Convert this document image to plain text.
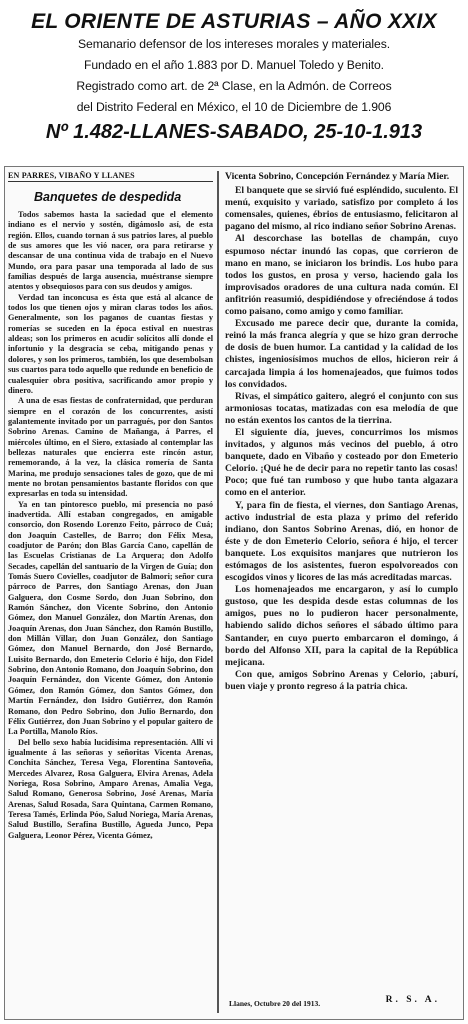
EL ORIENTE DE ASTURIAS – AÑO XXIX
Semanario defensor de los intereses morales y materiales.
Fundado en el año 1.883 por D. Manuel Toledo y Benito.
Registrado como art. de 2ª Clase, en la Admón. de Correos
del Distrito Federal en México, el 10 de Diciembre de 1.906
Nº 1.482-LLANES-SABADO, 25-10-1.913
EN PARRES, VIBAÑO Y LLANES
Banquetes de despedida

Todos sabemos hasta la saciedad que el elemento indiano es el nervio y sostén, digámoslo así, de esta región. Ellos, cuando tornan á sus patrios lares, al pueblo de sus amores que les vió nacer, ora para retirarse y descansar de una continua vida de trabajo en el Nuevo Mundo, ora para pasar una temporada al lado de sus familias después de larga ausencia, muéstranse siempre atentos y obsequiosos para con sus deudos y amigos.

Verdad tan inconcusa es ésta que está al alcance de todos los que tienen ojos y miran claras todos los años. Generalmente, son los paganos de cuantas fiestas y romerías se suceden en la época estival en nuestras aldeas; son los primeros en acudir solícitos allí donde el infortunio y la desgracia se ceba, mitigando penas y dolores, y son los primeros, también, los que desembolsan sus cuartos para todo aquello que redunde en beneficio de cualesquier obra positiva, sacrificando amor propio y dinero.

A una de esas fiestas de confraternidad, que perduran siempre en el corazón de los concurrentes, asistí galantemente invitado por un parragués, por don Santos Sobrino Arenas. Camino de Mañanga, á Parres, el miércoles último, en el Siero, extasiado al contemplar las bellezas naturales que encierra este rincón astur, rememorando, á la vez, la clásica romería de Santa Marina, me produjo sensaciones tales de gozo, que de mi mente no brotan pensamientos bastante floridos con que expresarlas en toda su intensidad.

Ya en tan pintoresco pueblo, mi presencia no pasó inadvertida. Allí estaban congregados, en amigable consorcio, don Rosendo Lorenzo Feito, párroco de Cuá; don Joaquín Castelles, de Barro; don Félix Mesa, coadjutor de Parón; don Blas García Cano, capellán de las Escuelas Cristianas de La Arquera; don Adolfo Secades, capellán del santuario de la Virgen de Guía; don Tomás Suero Covielles, coadjutor de Balmori; señor cura párroco de Parres, don Santiago Arenas, don Juan Galguera, don Cosme Sordo, don Juan Sobrino, don Ramón Sánchez, don Vicente Sobrino, don Antonio Gómez, don Manuel González, don Martín Arenas, don Joaquín Arenas, don Juan Sánchez, don Ramón Bustillo, don Millán Villar, don Juan González, don Santiago Gómez, don Manuel Bernardo, don José Bernardo, Luisito Bernardo, don Emeterio Celorio é hijo, don Fidel Sobrino, don Antonio Romano, don Joaquín Sobrino, don Joaquín Fernández, don Vicente Gómez, don Antonio Gómez, don Ramón Gómez, don Santos Gómez, don Martín Fernández, don Isidro Gutiérrez, don Ramón Romano, don Pedro Sobrino, don Julio Bernardo, don Félix Gutiérrez, don Juan Sobrino y el popular gaitero de La Portilla, Manolo Ríos.

Del bello sexo había lucidísima representación. Allí vi igualmente á las señoras y señoritas Vicenta Arenas, Conchita Sánchez, Teresa Vega, Florentina Santoveña, Mercedes Alvarez, Rosa Galguera, Elvira Arenas, Adela Noriega, Rosa Sobrino, Amparo Arenas, Amalia Vega, Salud Romano, Generosa Sobrino, José Arenas, María Arenas, Salud Rosada, Sara Quintana, Carmen Romano, Teresa Tamés, Erlinda Póo, Salud Noriega, María Arenas, Salud Bustillo, Serafina Bustillo, Agueda Junco, Pepa Galguera, Leonor Pérez, Vicenta Gómez,

Vicenta Sobrino, Concepción Fernández y María Mier.

El banquete que se sirvió fué espléndido, suculento. El menú, exquisito y variado, satisfizo por completo á los comensales, quienes, ébrios de entusiasmo, felicitaron al pagano del mismo, al rico indiano señor Sobrino Arenas.

Al descorchase las botellas de champán, cuyo espumoso néctar inundó las copas, que corrieron de mano en mano, se iniciaron los brindis. Los hubo para todos los gustos, en prosa y verso, haciendo gala los improvisados oradores de una cultura nada común. El anfitrión reasumió, despidiéndose y ofreciéndose á todos como paisano, como amigo y como familiar.

Excusado me parece decir que, durante la comida, reinó la más franca alegría y que se hizo gran derroche de dosis de buen humor. La cantidad y la calidad de los chistes, ingeniosísimos muchos de ellos, hicieron reir á carcajada limpia á los homenajeados, que fuimos todos los convidados.

Rivas, el simpático gaitero, alegró el conjunto con sus armoniosas tocatas, matizadas con esa melodía de que no están exentos los cantos de la tierrina.

El siguiente día, jueves, concurrimos los mismos invitados, y algunos más vecinos del pueblo, á otro banquete, dado en Vibaño y costeado por don Emeterio Celorio. ¡Qué he de decir para no repetir tanto las cosas! Poco; que fué tan rumboso y que hubo tanta algazara como en el anterior.

Y, para fin de fiesta, el viernes, don Santiago Arenas, activo industrial de esta plaza y primo del referido indiano, don Santos Sobrino Arenas, dió, en honor de éste y de don Emeterio Celorio, señora é hijo, el tercer banquete. Los exquisitos manjares que nutrieron los estómagos de los asistentes, fueron espolvoreados con escogidos vinos y licores de las más acreditadas marcas.

Los homenajeados me encargaron, y así lo cumplo gustoso, que les despida desde estas columnas de los amigos, pues no lo pudieron hacer personalmente, habiendo salido dichos señores el sábado último para Santander, en cuyo puerto embarcaron el domingo, á bordo del Alfonso XII, para la capital de la República mejicana.

Con que, amigos Sobrino Arenas y Celorio, ¡aburí, buen viaje y pronto regreso á la patria chica.

Llanes, Octubre 20 del 1913.	R. S. A.
